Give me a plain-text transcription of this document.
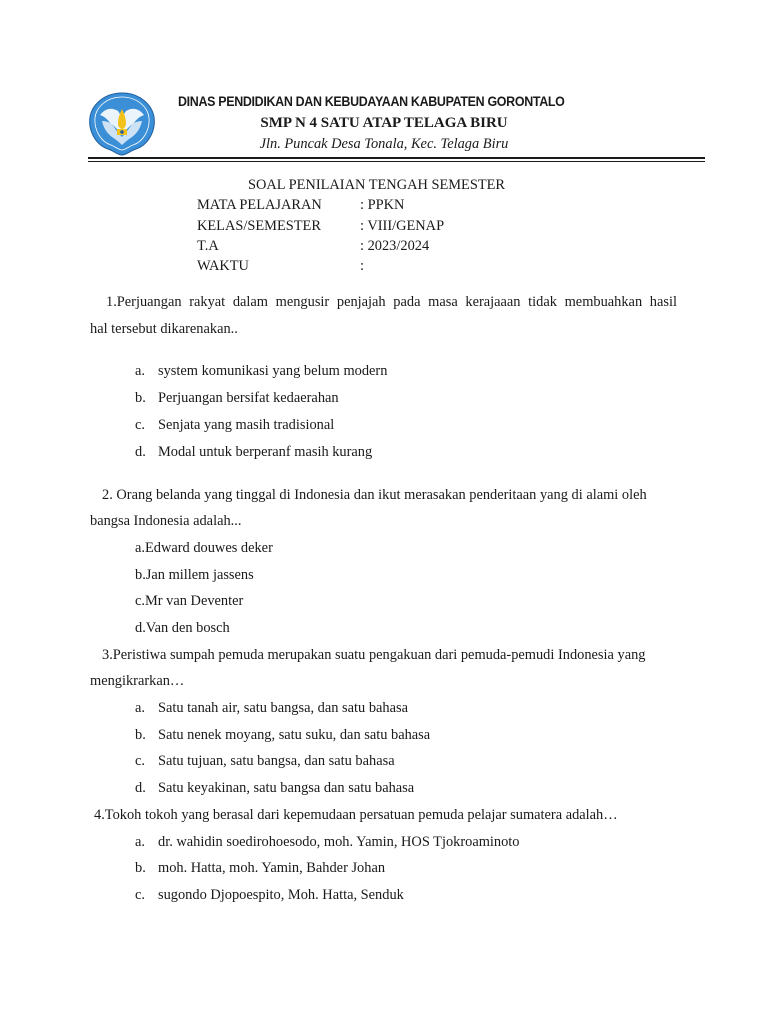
DINAS PENDIDIKAN DAN KEBUDAYAAN KABUPATEN GORONTALO
SMP N 4 SATU ATAP TELAGA BIRU
Jln. Puncak Desa Tonala, Kec. Telaga Biru
SOAL PENILAIAN TENGAH SEMESTER
MATA PELAJARAN	: PPKN
KELAS/SEMESTER	: VIII/GENAP
T.A	: 2023/2024
WAKTU	:
1.Perjuangan rakyat dalam mengusir penjajah pada masa kerajaaan tidak membuahkan hasil
hal tersebut dikarenakan..
a. system komunikasi yang belum modern
b. Perjuangan bersifat kedaerahan
c. Senjata yang masih tradisional
d. Modal untuk berperanf masih kurang
2. Orang belanda yang tinggal di Indonesia dan ikut merasakan penderitaan yang di alami oleh
bangsa Indonesia adalah...
a.Edward douwes deker
b.Jan millem jassens
c.Mr van Deventer
d.Van den bosch
3.Peristiwa sumpah pemuda merupakan suatu pengakuan dari pemuda-pemudi Indonesia yang
mengikrarkan…
a. Satu tanah air, satu bangsa, dan satu bahasa
b. Satu nenek moyang, satu suku, dan satu bahasa
c. Satu tujuan, satu bangsa, dan satu bahasa
d. Satu keyakinan, satu bangsa dan satu bahasa
4.Tokoh tokoh yang berasal dari kepemudaan persatuan pemuda pelajar sumatera adalah…
a. dr. wahidin soedirohoesodo, moh. Yamin, HOS Tjokroaminoto
b. moh. Hatta, moh. Yamin, Bahder Johan
c. sugondo Djopoespito, Moh. Hatta, Senduk
